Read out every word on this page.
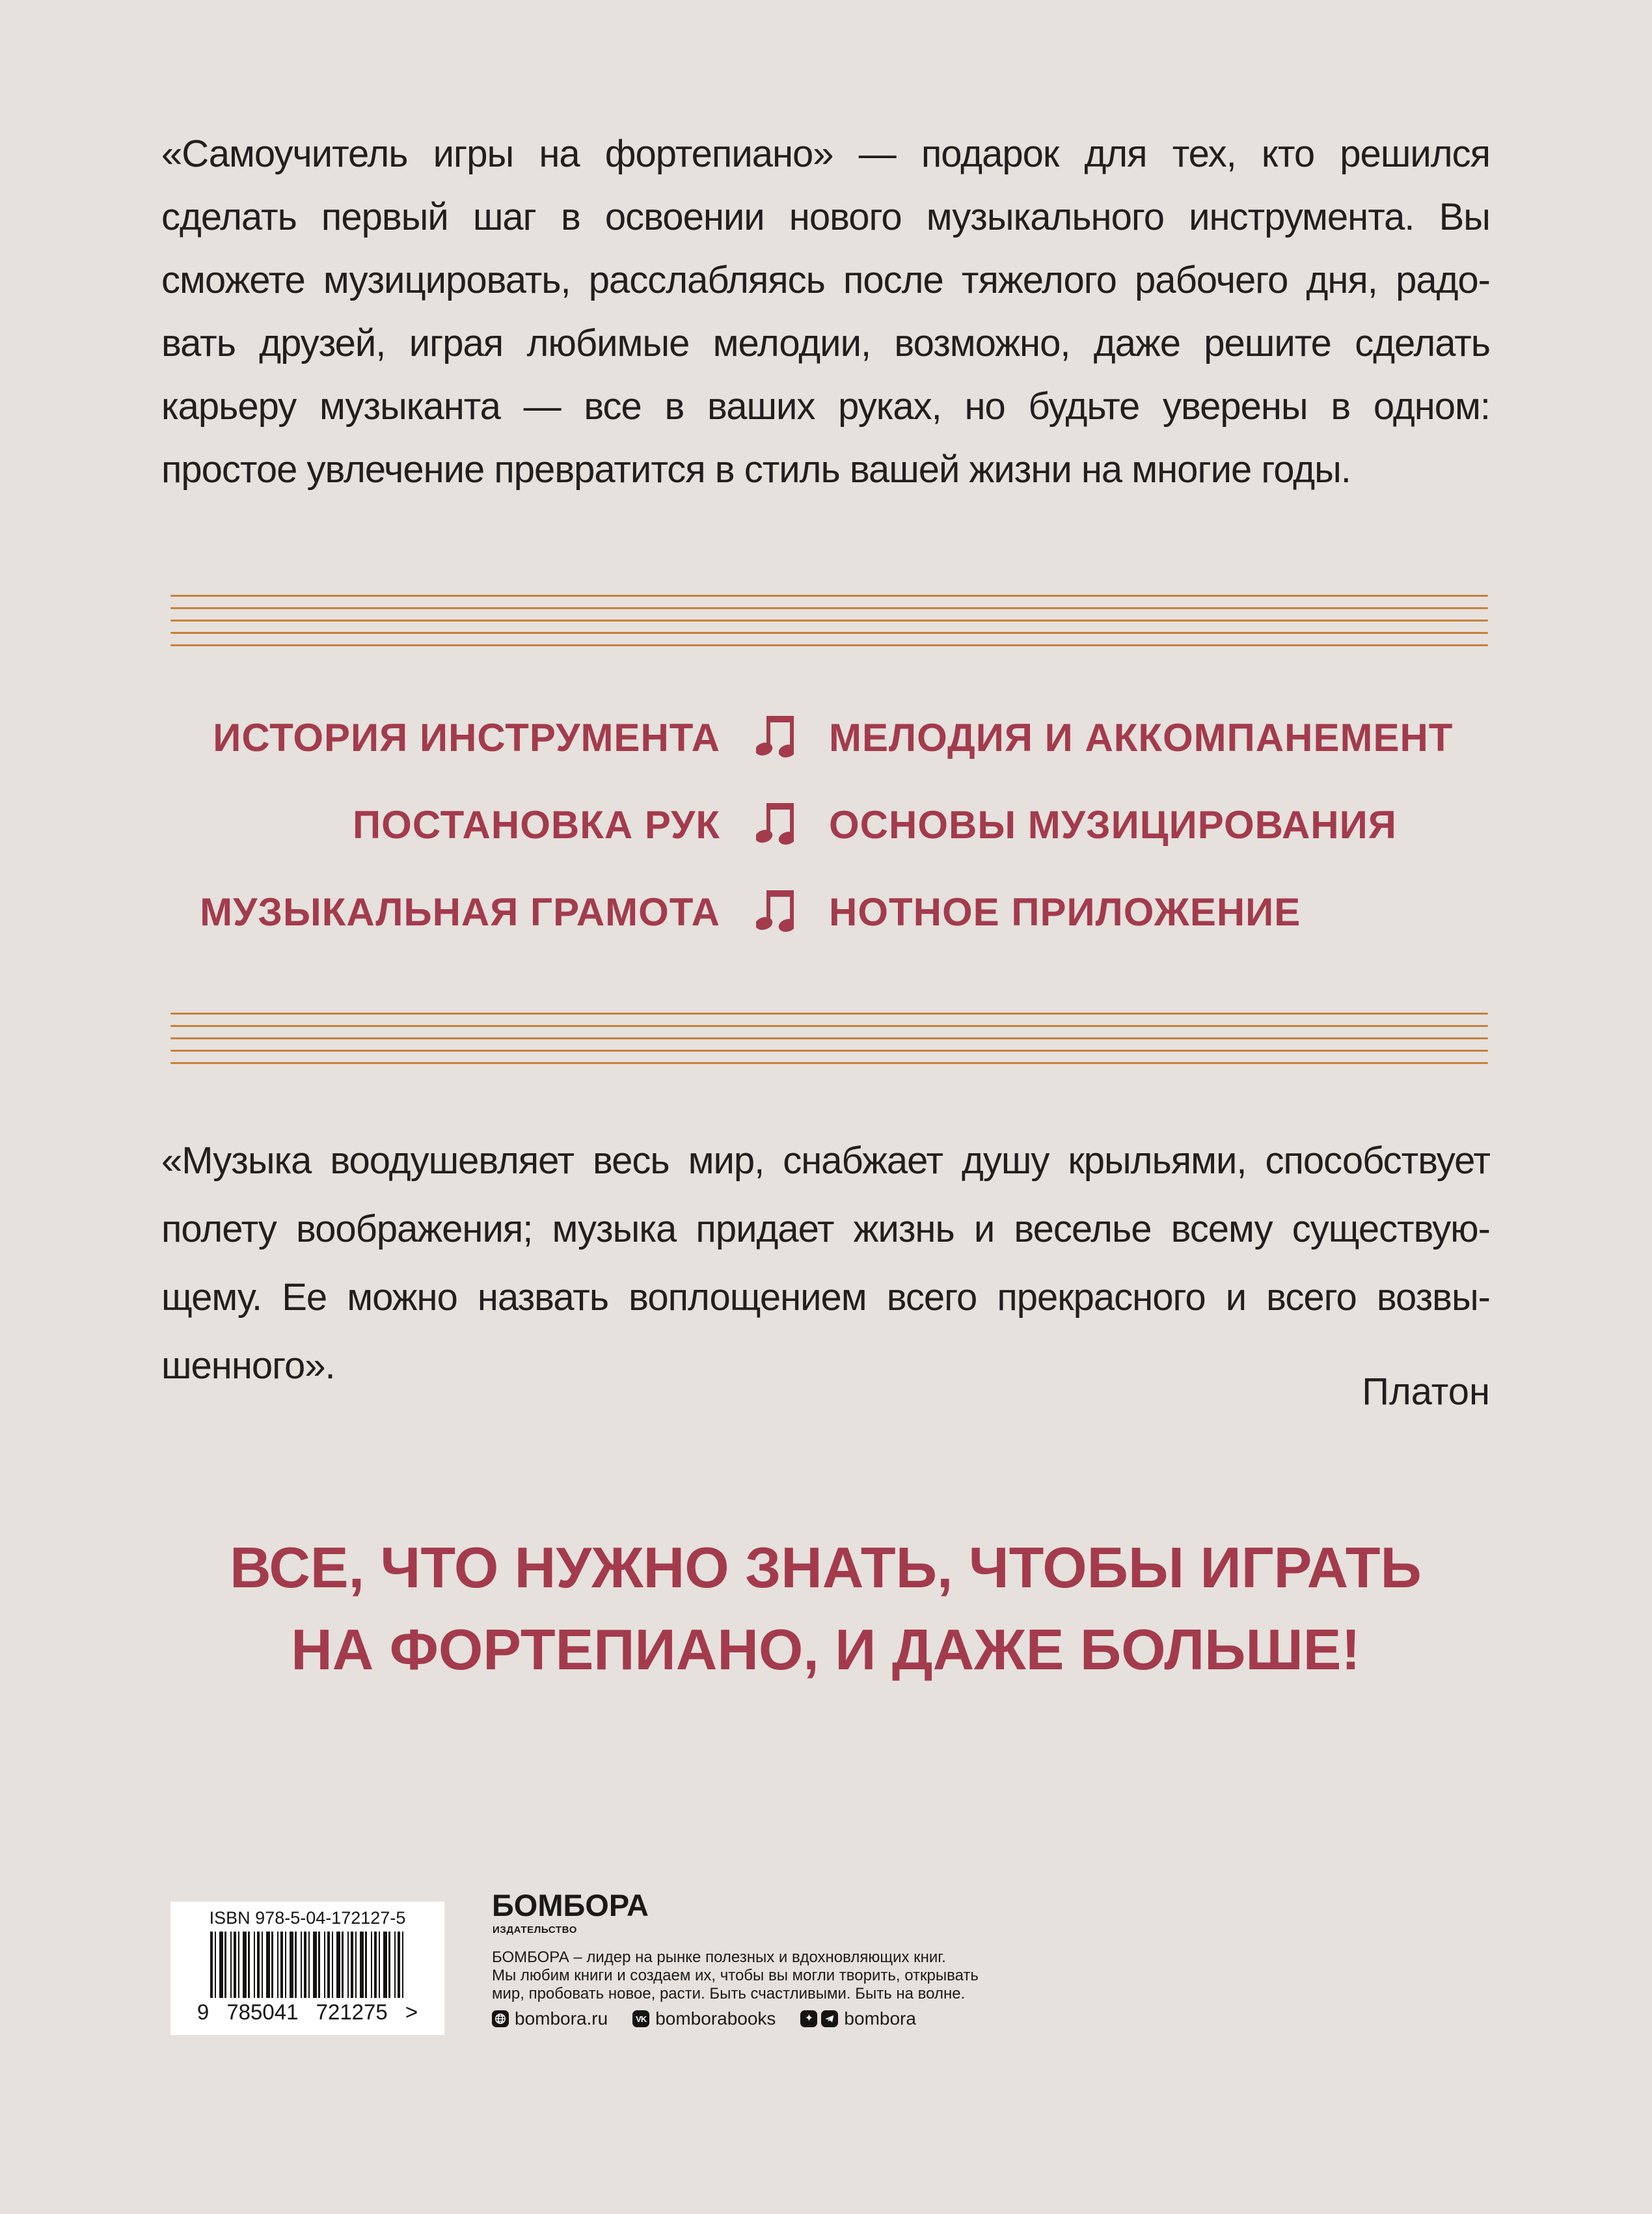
«Самоучитель игры на фортепиано» — подарок для тех, кто решился
сделать первый шаг в освоении нового музыкального инструмента. Вы
сможете музицировать, расслабляясь после тяжелого рабочего дня, радо-
вать друзей, играя любимые мелодии, возможно, даже решите сделать
карьеру музыканта — все в ваших руках, но будьте уверены в одном:
простое увлечение превратится в стиль вашей жизни на многие годы.
ИСТОРИЯ ИНСТРУМЕНТА	МЕЛОДИЯ И АККОМПАНЕМЕНТ
ПОСТАНОВКА РУК	ОСНОВЫ МУЗИЦИРОВАНИЯ
МУЗЫКАЛЬНАЯ ГРАМОТА	НОТНОЕ ПРИЛОЖЕНИЕ
«Музыка воодушевляет весь мир, снабжает душу крыльями, способствует
полету воображения; музыка придает жизнь и веселье всему существую-
щему. Ее можно назвать воплощением всего прекрасного и всего возвы-
шенного».
Платон
ВСЕ, ЧТО НУЖНО ЗНАТЬ, ЧТОБЫ ИГРАТЬ
НА ФОРТЕПИАНО, И ДАЖЕ БОЛЬШЕ!
ISBN 978-5-04-172127-5
9 785041 721275 >
БОМБОРА
ИЗДАТЕЛЬСТВО
БОМБОРА – лидер на рынке полезных и вдохновляющих книг.
Мы любим книги и создаем их, чтобы вы могли творить, открывать
мир, пробовать новое, расти. Быть счастливыми. Быть на волне.
bombora.ru	VK bomborabooks	✦ bombora
